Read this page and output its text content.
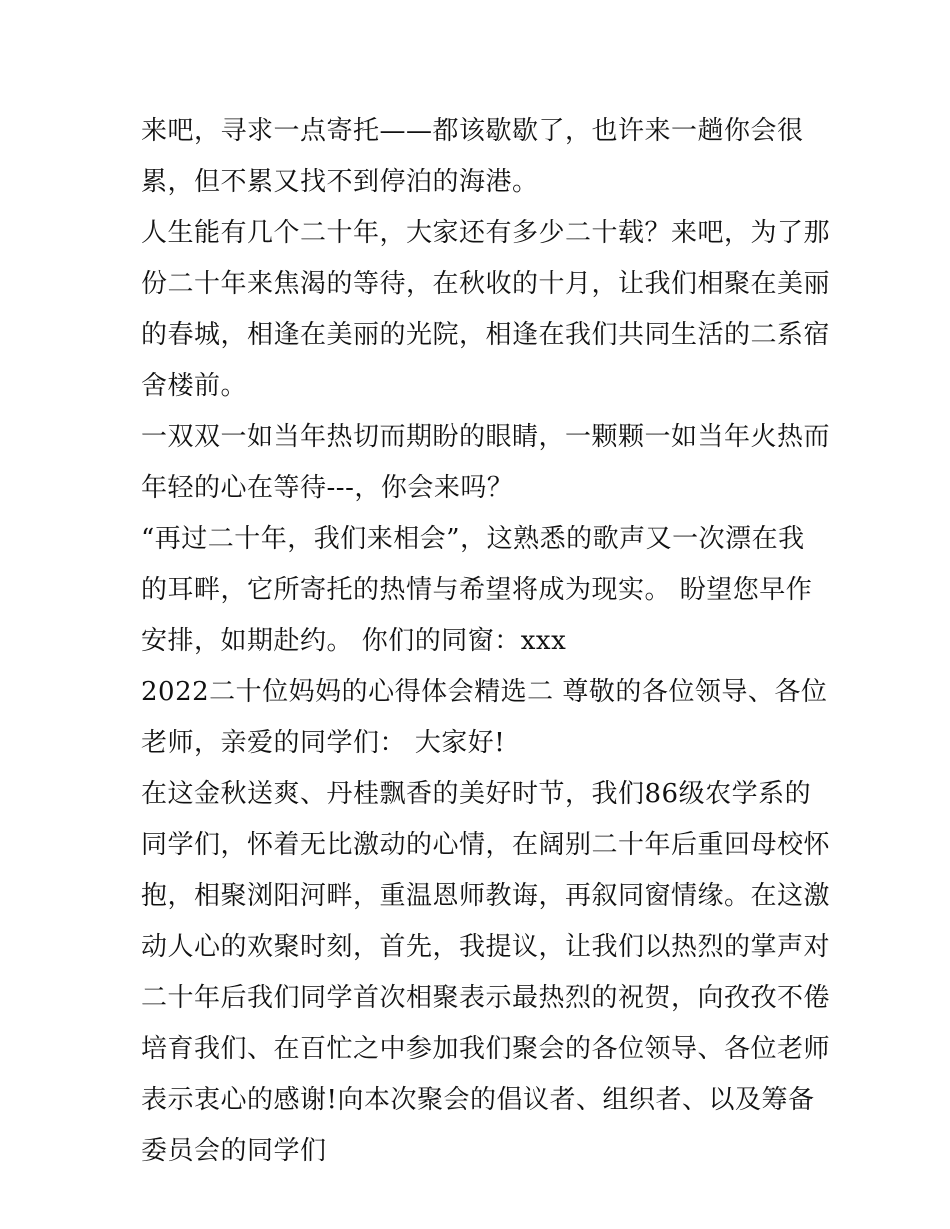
来吧，寻求一点寄托——都该歇歇了，也许来一趟你会很累，但不累又找不到停泊的海港。

人生能有几个二十年，大家还有多少二十载？来吧，为了那份二十年来焦渴的等待，在秋收的十月，让我们相聚在美丽的春城，相逢在美丽的光院，相逢在我们共同生活的二系宿舍楼前。

一双双一如当年热切而期盼的眼睛，一颗颗一如当年火热而年轻的心在等待---，你会来吗？

“再过二十年，我们来相会”，这熟悉的歌声又一次漂在我的耳畔，它所寄托的热情与希望将成为现实。 盼望您早作安排，如期赴约。 你们的同窗：xxx

2022二十位妈妈的心得体会精选二 尊敬的各位领导、各位老师，亲爱的同学们： 大家好!

在这金秋送爽、丹桂飘香的美好时节，我们86级农学系的同学们，怀着无比激动的心情，在阔别二十年后重回母校怀抱，相聚浏阳河畔，重温恩师教诲，再叙同窗情缘。在这激动人心的欢聚时刻，首先，我提议，让我们以热烈的掌声对二十年后我们同学首次相聚表示最热烈的祝贺，向孜孜不倦培育我们、在百忙之中参加我们聚会的各位领导、各位老师表示衷心的感谢!向本次聚会的倡议者、组织者、以及筹备委员会的同学们
